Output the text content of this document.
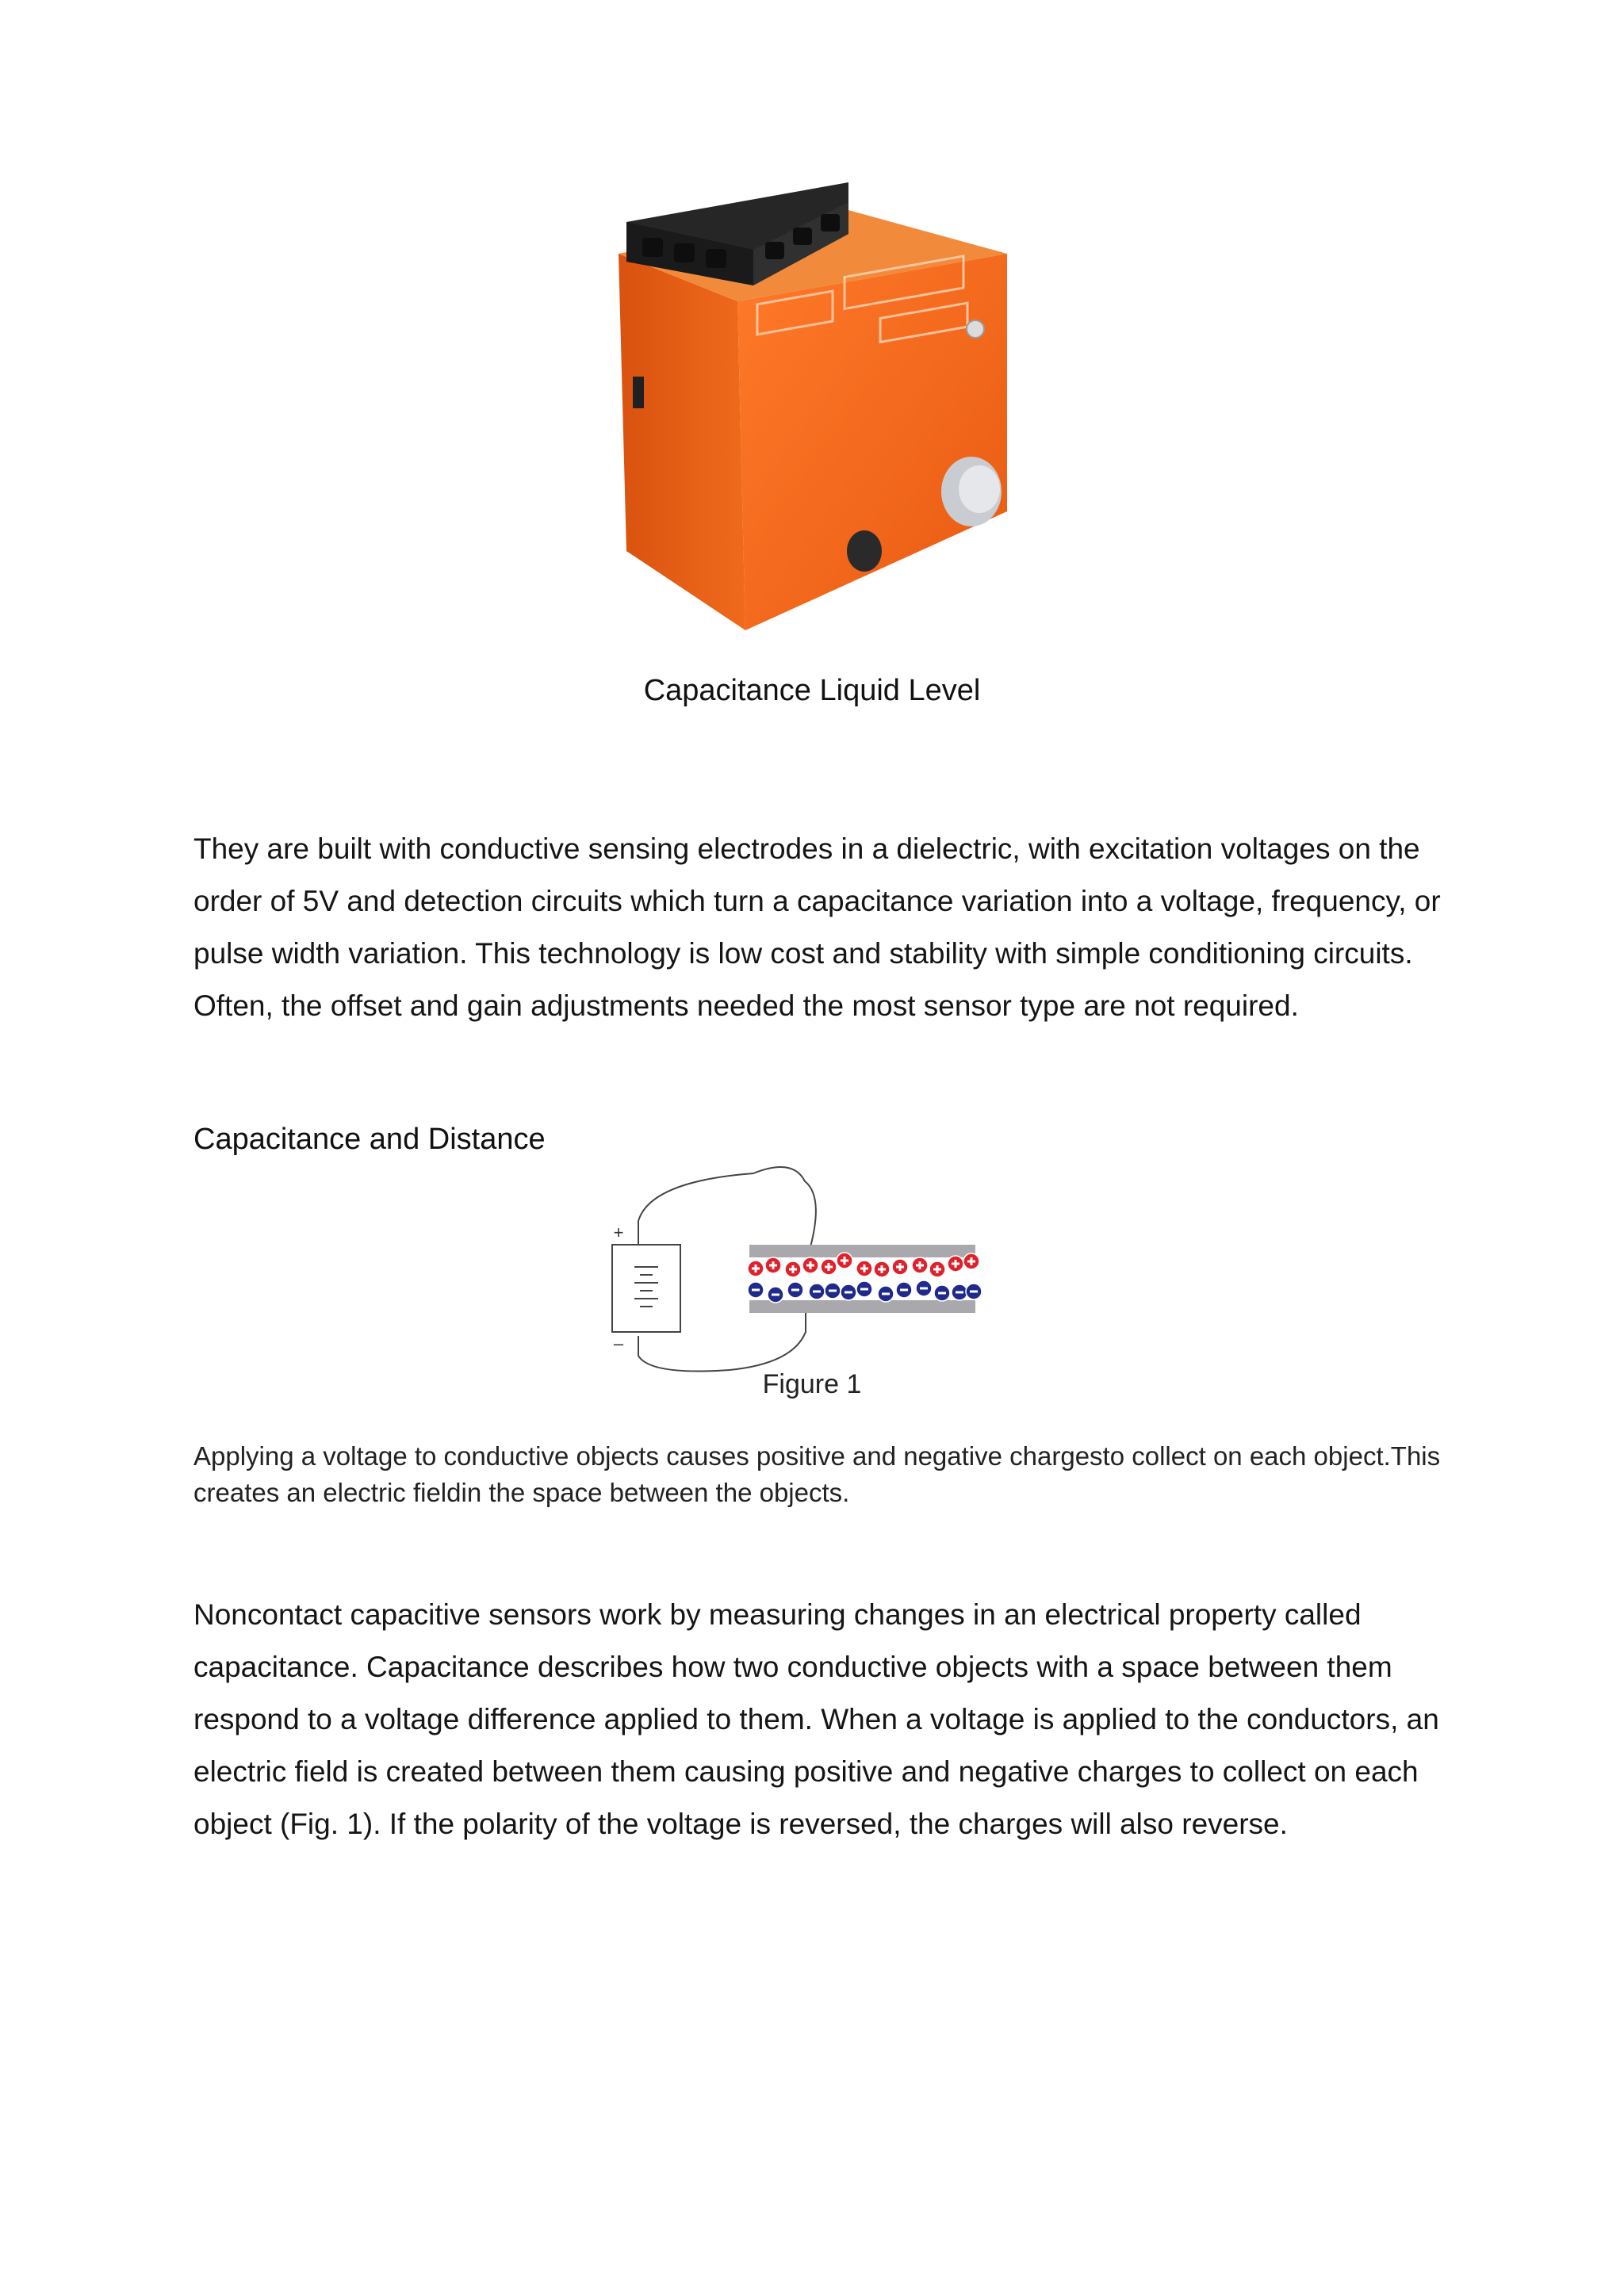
Capacitance Liquid Level

They are built with conductive sensing electrodes in a dielectric, with excitation voltages on the order of 5V and detection circuits which turn a capacitance variation into a voltage, frequency, or pulse width variation. This technology is low cost and stability with simple conditioning circuits. Often, the offset and gain adjustments needed the most sensor type are not required.

Capacitance and Distance
+
–
Figure 1

Applying a voltage to conductive objects causes positive and negative chargesto collect on each object.This creates an electric fieldin the space between the objects.

Noncontact capacitive sensors work by measuring changes in an electrical property called capacitance. Capacitance describes how two conductive objects with a space between them respond to a voltage difference applied to them. When a voltage is applied to the conductors, an electric field is created between them causing positive and negative charges to collect on each object (Fig. 1). If the polarity of the voltage is reversed, the charges will also reverse.
